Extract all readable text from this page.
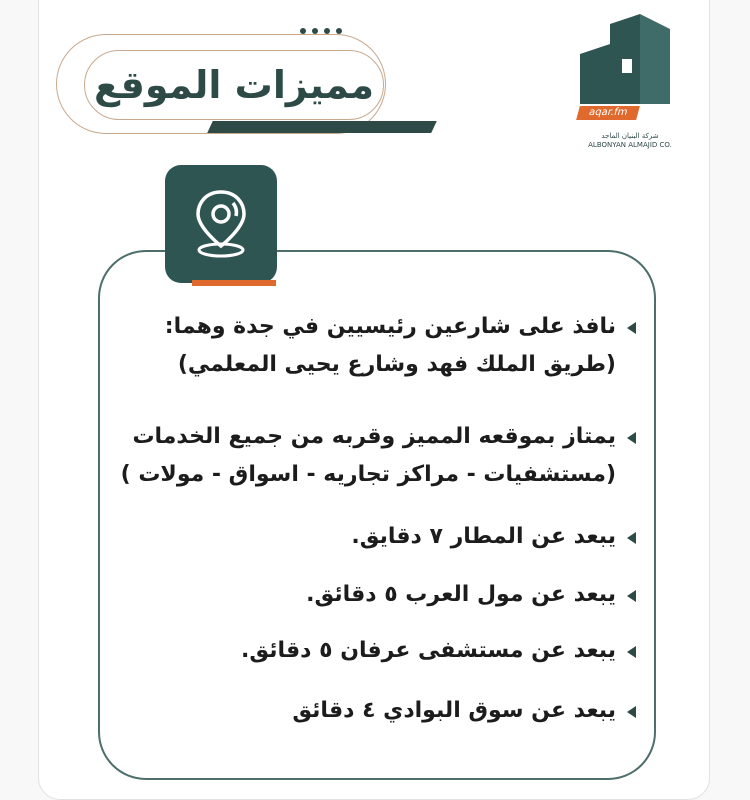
مميزات الموقع
aqar.fm
شركة البنيان الماجد
ALBONYAN ALMAJID CO.

نافذ على شارعين رئيسيين في جدة وهما:

(طريق الملك فهد وشارع يحيى المعلمي)

يمتاز بموقعه المميز وقربه من جميع الخدمات

(مستشفيات - مراكز تجاريه - اسواق - مولات )

يبعد عن المطار ٧ دقايق.

يبعد عن مول العرب ٥ دقائق.

يبعد عن مستشفى عرفان ٥ دقائق.

يبعد عن سوق البوادي ٤ دقائق
